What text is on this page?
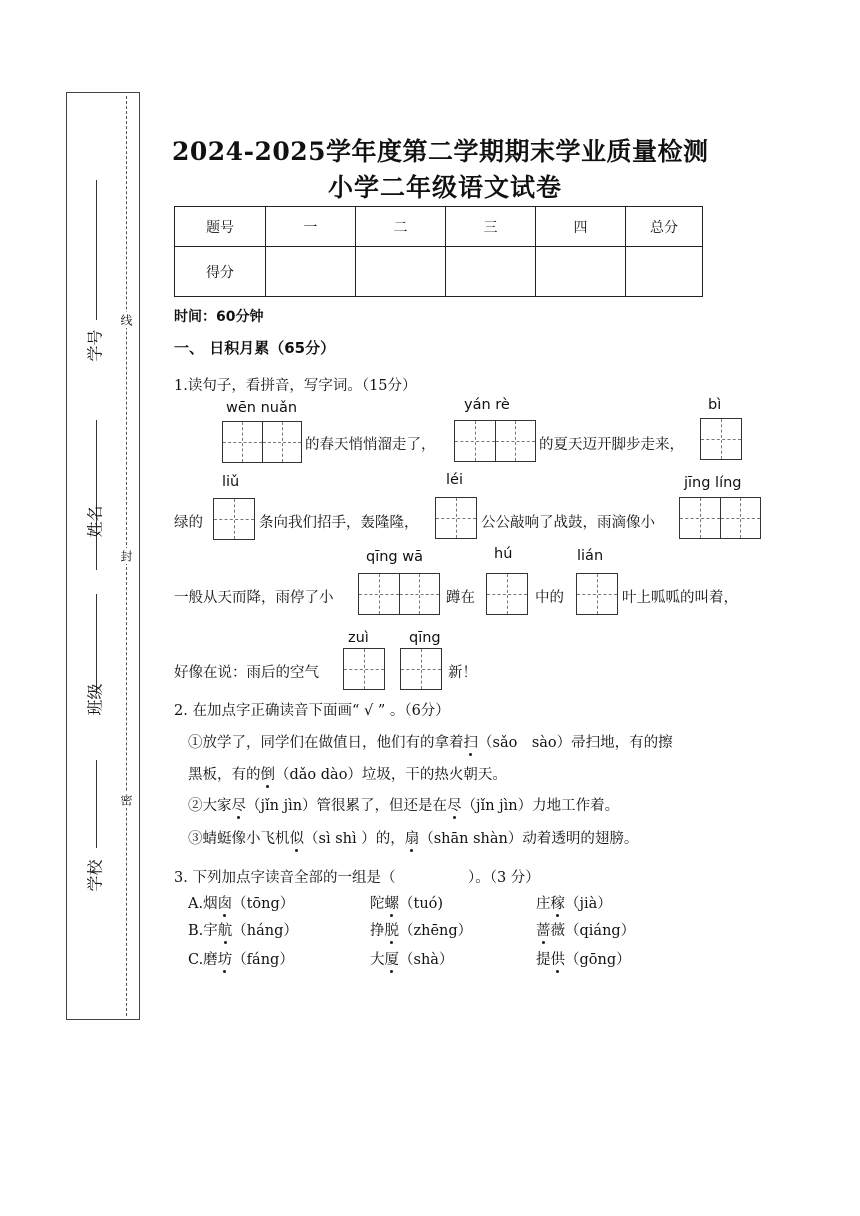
线
封
密
学号
姓名
班级
学校
2024-2025学年度第二学期期末学业质量检测
小学二年级语文试卷
题号	一	二	三	四	总分
得分					
时间：60分钟
一、 日积月累（65分）
1.读句子，看拼音，写字词。（15分）
wēn nuǎn
的春天悄悄溜走了，
yán rè
的夏天迈开脚步走来，
bì
liǔ
绿的	条向我们招手，轰隆隆，
léi
公公敲响了战鼓，雨滴像小
jīng líng
qīng wā	hú	lián
一般从天而降，雨停了小	蹲在	中的	叶上呱呱的叫着，
zuì	qīng
好像在说：雨后的空气	新！
2. 在加点字正确读音下面画“ √ ” 。（6分）
①放学了，同学们在做值日，他们有的拿着扫（sǎo　sào）帚扫地，有的擦
黑板，有的倒（dǎo dào）垃圾，干的热火朝天。
②大家尽（jǐn jìn）管很累了，但还是在尽（jǐn jìn）力地工作着。
③蜻蜓像小飞机似（sì shì ）的，扇（shān shàn）动着透明的翅膀。
3. 下列加点字读音全部的一组是（　　　　　）。（3 分）
A.烟囱（tōng）	陀螺（tuó)	庄稼（jià）
B.宇航（háng）	挣脱（zhēng）	蔷薇（qiáng）
C.磨坊（fáng）	大厦（shà）	提供（gōng）
